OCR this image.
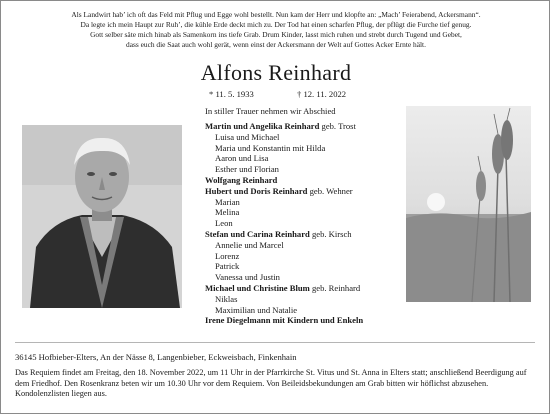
Als Landwirt hab’ ich oft das Feld mit Pflug und Egge wohl bestellt. Nun kam der Herr und klopfte an: „Mach’ Feierabend, Ackersmann“.
Da legte ich mein Haupt zur Ruh’, die kühle Erde deckt mich zu. Der Tod hat einen scharfen Pflug, der pflügt die Furche tief genug.
Gott selber säte mich hinab als Samenkorn ins tiefe Grab. Drum Kinder, lasst mich ruhen und strebt durch Tugend und Gebet,
dass euch die Saat auch wohl gerät, wenn einst der Ackersmann der Welt auf Gottes Acker Ernte hält.
Alfons Reinhard
* 11. 5. 1933	† 12. 11. 2022
In stiller Trauer nehmen wir Abschied
Martin und Angelika Reinhard geb. Trost
Luisa und Michael
Maria und Konstantin mit Hilda
Aaron und Lisa
Esther und Florian
Wolfgang Reinhard
Hubert und Doris Reinhard geb. Wehner
Marian
Melina
Leon
Stefan und Carina Reinhard geb. Kirsch
Annelie und Marcel
Lorenz
Patrick
Vanessa und Justin
Michael und Christine Blum geb. Reinhard
Niklas
Maximilian und Natalie
Irene Diegelmann mit Kindern und Enkeln
36145 Hofbieber-Elters, An der Nässe 8, Langenbieber, Eckweisbach, Finkenhain
Das Requiem findet am Freitag, den 18. November 2022, um 11 Uhr in der Pfarrkirche St. Vitus und St. Anna in Elters statt; anschließend Beerdigung auf dem Friedhof. Den Rosenkranz beten wir um 10.30 Uhr vor dem Requiem. Von Beileidsbekundungen am Grab bitten wir höflichst abzusehen. Kondolenzlisten liegen aus.
